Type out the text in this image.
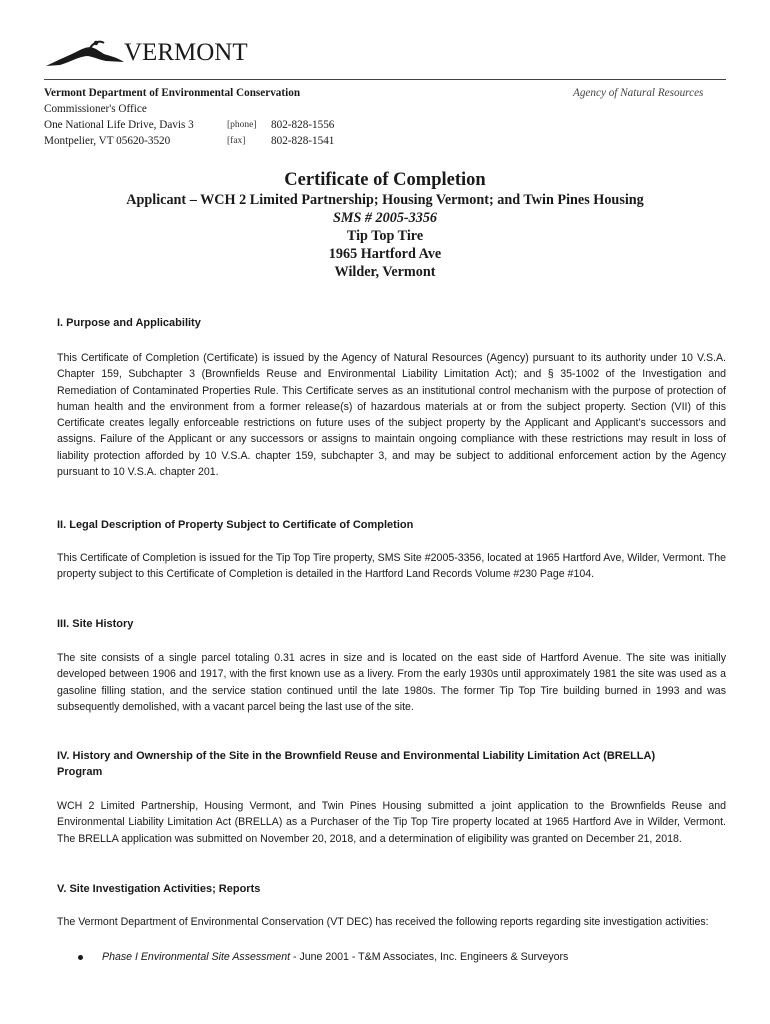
VERMONT
Vermont Department of Environmental Conservation	Agency of Natural Resources
Commissioner's Office
One National Life Drive, Davis 3
Montpelier, VT 05620-3520
[phone] 802-828-1556
[fax] 802-828-1541
Certificate of Completion
Applicant – WCH 2 Limited Partnership; Housing Vermont; and Twin Pines Housing
SMS # 2005-3356
Tip Top Tire
1965 Hartford Ave
Wilder, Vermont
I. Purpose and Applicability
This Certificate of Completion (Certificate) is issued by the Agency of Natural Resources (Agency) pursuant to its authority under 10 V.S.A. Chapter 159, Subchapter 3 (Brownfields Reuse and Environmental Liability Limitation Act); and § 35-1002 of the Investigation and Remediation of Contaminated Properties Rule. This Certificate serves as an institutional control mechanism with the purpose of protection of human health and the environment from a former release(s) of hazardous materials at or from the subject property. Section (VII) of this Certificate creates legally enforceable restrictions on future uses of the subject property by the Applicant and Applicant’s successors and assigns. Failure of the Applicant or any successors or assigns to maintain ongoing compliance with these restrictions may result in loss of liability protection afforded by 10 V.S.A. chapter 159, subchapter 3, and may be subject to additional enforcement action by the Agency pursuant to 10 V.S.A. chapter 201.
II. Legal Description of Property Subject to Certificate of Completion
This Certificate of Completion is issued for the Tip Top Tire property, SMS Site #2005-3356, located at 1965 Hartford Ave, Wilder, Vermont. The property subject to this Certificate of Completion is detailed in the Hartford Land Records Volume #230 Page #104.
III. Site History
The site consists of a single parcel totaling 0.31 acres in size and is located on the east side of Hartford Avenue. The site was initially developed between 1906 and 1917, with the first known use as a livery. From the early 1930s until approximately 1981 the site was used as a gasoline filling station, and the service station continued until the late 1980s. The former Tip Top Tire building burned in 1993 and was subsequently demolished, with a vacant parcel being the last use of the site.
IV. History and Ownership of the Site in the Brownfield Reuse and Environmental Liability Limitation Act (BRELLA)
Program
WCH 2 Limited Partnership, Housing Vermont, and Twin Pines Housing submitted a joint application to the Brownfields Reuse and Environmental Liability Limitation Act (BRELLA) as a Purchaser of the Tip Top Tire property located at 1965 Hartford Ave in Wilder, Vermont. The BRELLA application was submitted on November 20, 2018, and a determination of eligibility was granted on December 21, 2018.
V. Site Investigation Activities; Reports
The Vermont Department of Environmental Conservation (VT DEC) has received the following reports regarding site investigation activities:
Phase I Environmental Site Assessment - June 2001 - T&M Associates, Inc. Engineers & Surveyors
